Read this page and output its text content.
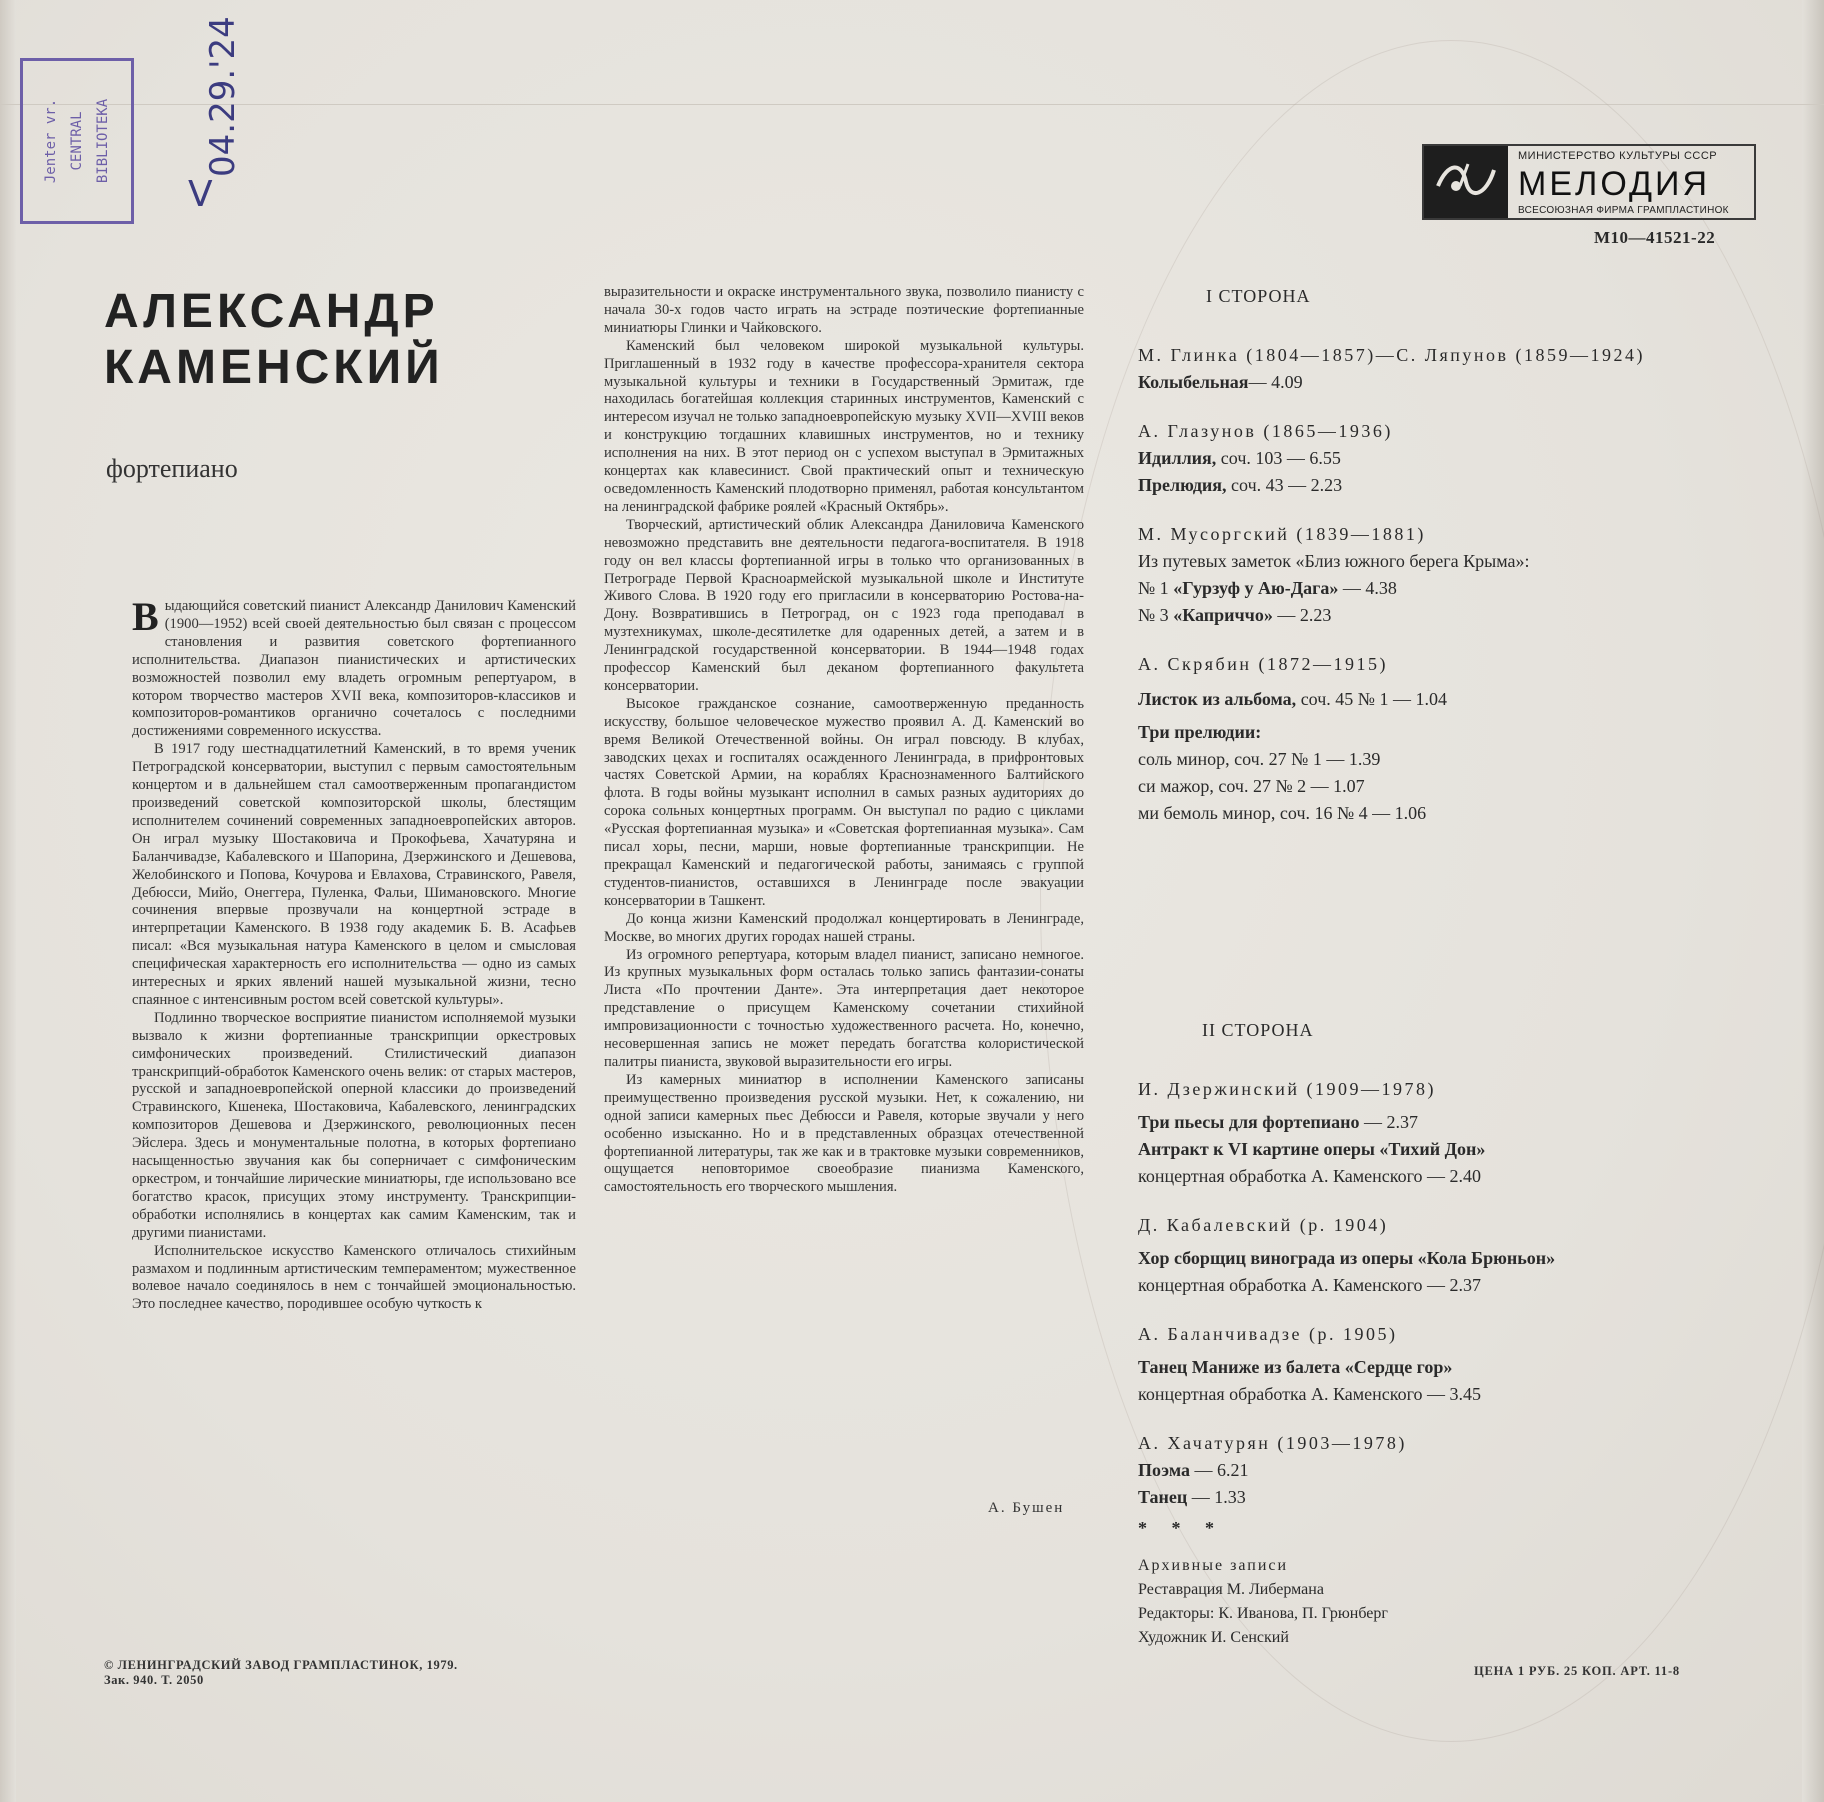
Jenter vr. CENTRAL BIBLIOTEKA	04.29.'24
V
МИНИСТЕРСТВО КУЛЬТУРЫ СССР
МЕЛОДИЯ
ВСЕСОЮЗНАЯ ФИРМА ГРАМПЛАСТИНОК
М10—41521-22
АЛЕКСАНДР
КАМЕНСКИЙ
фортепиано

Выдающийся советский пианист Александр Данилович Каменский (1900—1952) всей своей деятельностью был связан с процессом становления и развития советского фортепианного исполнительства. Диапазон пианистических и артистических возможностей позволил ему владеть огромным репертуаром, в котором творчество мастеров XVII века, композиторов-классиков и композиторов-романтиков органично сочеталось с последними достижениями современного искусства.

В 1917 году шестнадцатилетний Каменский, в то время ученик Петроградской консерватории, выступил с первым самостоятельным концертом и в дальнейшем стал самоотверженным пропагандистом произведений советской композиторской школы, блестящим исполнителем сочинений современных западноевропейских авторов. Он играл музыку Шостаковича и Прокофьева, Хачатуряна и Баланчивадзе, Кабалевского и Шапорина, Дзержинского и Дешевова, Желобинского и Попова, Кочурова и Евлахова, Стравинского, Равеля, Дебюсси, Мийо, Онеггера, Пуленка, Фальи, Шимановского. Многие сочинения впервые прозвучали на концертной эстраде в интерпретации Каменского. В 1938 году академик Б. В. Асафьев писал: «Вся музыкальная натура Каменского в целом и смысловая специфическая характерность его исполнительства — одно из самых интересных и ярких явлений нашей музыкальной жизни, тесно спаянное с интенсивным ростом всей советской культуры».

Подлинно творческое восприятие пианистом исполняемой музыки вызвало к жизни фортепианные транскрипции оркестровых симфонических произведений. Стилистический диапазон транскрипций-обработок Каменского очень велик: от старых мастеров, русской и западноевропейской оперной классики до произведений Стравинского, Кшенека, Шостаковича, Кабалевского, ленинградских композиторов Дешевова и Дзержинского, революционных песен Эйслера. Здесь и монументальные полотна, в которых фортепиано насыщенностью звучания как бы соперничает с симфоническим оркестром, и тончайшие лирические миниатюры, где использовано все богатство красок, присущих этому инструменту. Транскрипции-обработки исполнялись в концертах как самим Каменским, так и другими пианистами.

Исполнительское искусство Каменского отличалось стихийным размахом и подлинным артистическим темпераментом; мужественное волевое начало соединялось в нем с тончайшей эмоциональностью. Это последнее качество, породившее особую чуткость к

выразительности и окраске инструментального звука, позволило пианисту с начала 30-х годов часто играть на эстраде поэтические фортепианные миниатюры Глинки и Чайковского.

Каменский был человеком широкой музыкальной культуры. Приглашенный в 1932 году в качестве профессора-хранителя сектора музыкальной культуры и техники в Государственный Эрмитаж, где находилась богатейшая коллекция старинных инструментов, Каменский с интересом изучал не только западноевропейскую музыку XVII—XVIII веков и конструкцию тогдашних клавишных инструментов, но и технику исполнения на них. В этот период он с успехом выступал в Эрмитажных концертах как клавесинист. Свой практический опыт и техническую осведомленность Каменский плодотворно применял, работая консультантом на ленинградской фабрике роялей «Красный Октябрь».

Творческий, артистический облик Александра Даниловича Каменского невозможно представить вне деятельности педагога-воспитателя. В 1918 году он вел классы фортепианной игры в только что организованных в Петрограде Первой Красноармейской музыкальной школе и Институте Живого Слова. В 1920 году его пригласили в консерваторию Ростова-на-Дону. Возвратившись в Петроград, он с 1923 года преподавал в музтехникумах, школе-десятилетке для одаренных детей, а затем и в Ленинградской государственной консерватории. В 1944—1948 годах профессор Каменский был деканом фортепианного факультета консерватории.

Высокое гражданское сознание, самоотверженную преданность искусству, большое человеческое мужество проявил А. Д. Каменский во время Великой Отечественной войны. Он играл повсюду. В клубах, заводских цехах и госпиталях осажденного Ленинграда, в прифронтовых частях Советской Армии, на кораблях Краснознаменного Балтийского флота. В годы войны музыкант исполнил в самых разных аудиториях до сорока сольных концертных программ. Он выступал по радио с циклами «Русская фортепианная музыка» и «Советская фортепианная музыка». Сам писал хоры, песни, марши, новые фортепианные транскрипции. Не прекращал Каменский и педагогической работы, занимаясь с группой студентов-пианистов, оставшихся в Ленинграде после эвакуации консерватории в Ташкент.

До конца жизни Каменский продолжал концертировать в Ленинграде, Москве, во многих других городах нашей страны.

Из огромного репертуара, которым владел пианист, записано немногое. Из крупных музыкальных форм осталась только запись фантазии-сонаты Листа «По прочтении Данте». Эта интерпретация дает некоторое представление о присущем Каменскому сочетании стихийной импровизационности с точностью художественного расчета. Но, конечно, несовершенная запись не может передать богатства колористической палитры пианиста, звуковой выразительности его игры.

Из камерных миниатюр в исполнении Каменского записаны преимущественно произведения русской музыки. Нет, к сожалению, ни одной записи камерных пьес Дебюсси и Равеля, которые звучали у него особенно изысканно. Но и в представленных образцах отечественной фортепианной литературы, так же как и в трактовке музыки современников, ощущается неповторимое своеобразие пианизма Каменского, самостоятельность его творческого мышления.

А. Бушен
I СТОРОНА
М. Глинка (1804—1857)—С. Ляпунов (1859—1924)
Колыбельная— 4.09
А. Глазунов (1865—1936)
Идиллия, соч. 103 — 6.55
Прелюдия, соч. 43 — 2.23
М. Мусоргский (1839—1881)
Из путевых заметок «Близ южного берега Крыма»:
№ 1 «Гурзуф у Аю-Дага» — 4.38
№ 3 «Каприччо» — 2.23
А. Скрябин (1872—1915)
Листок из альбома, соч. 45 № 1 — 1.04
Три прелюдии:
соль минор, соч. 27 № 1 — 1.39
си мажор, соч. 27 № 2 — 1.07
ми бемоль минор, соч. 16 № 4 — 1.06
II СТОРОНА
И. Дзержинский (1909—1978)
Три пьесы для фортепиано — 2.37
Антракт к VI картине оперы «Тихий Дон»
концертная обработка А. Каменского — 2.40
Д. Кабалевский (р. 1904)
Хор сборщиц винограда из оперы «Кола Брюньон»
концертная обработка А. Каменского — 2.37
А. Баланчивадзе (р. 1905)
Танец Маниже из балета «Сердце гор»
концертная обработка А. Каменского — 3.45
А. Хачатурян (1903—1978)
Поэма — 6.21
Танец — 1.33
* * *
Архивные записи
Реставрация М. Либермана
Редакторы: К. Иванова, П. Грюнберг
Художник И. Сенский
© ЛЕНИНГРАДСКИЙ ЗАВОД ГРАМПЛАСТИНОК, 1979.
Зак. 940. Т. 2050
ЦЕНА 1 РУБ. 25 КОП. АРТ. 11-8
